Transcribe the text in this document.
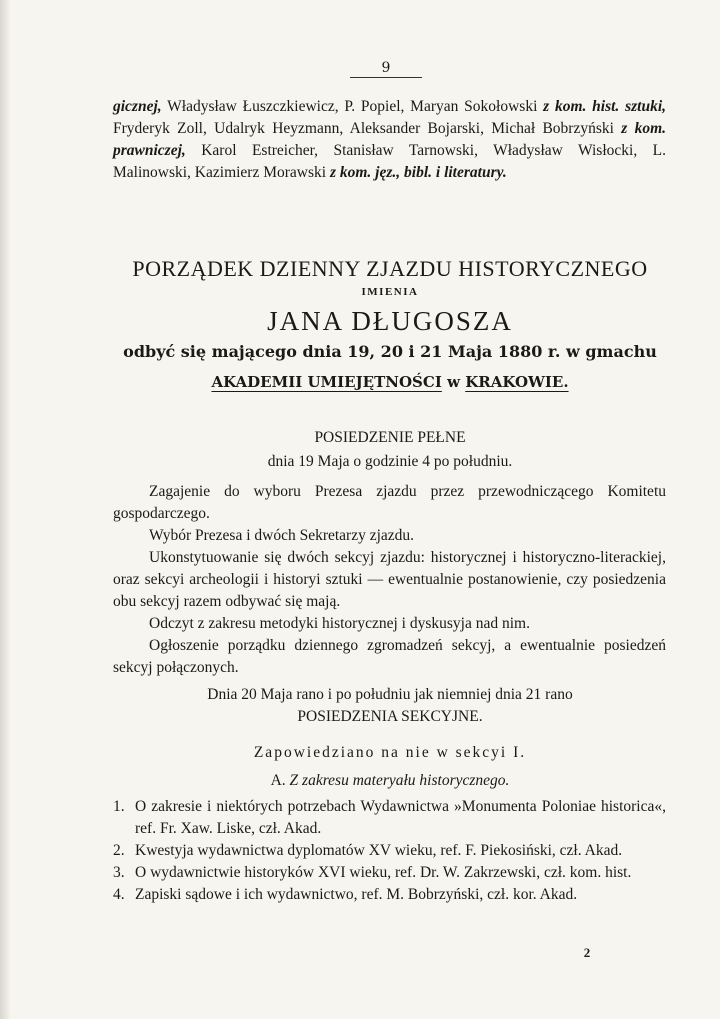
9
gicznej, Władysław Łuszczkiewicz, P. Popiel, Maryan Sokołowski z kom. hist. sztuki, Fryderyk Zoll, Udalryk Heyzmann, Aleksander Bojarski, Michał Bobrzyński z kom. prawniczej, Karol Estreicher, Stanisław Tarnowski, Władysław Wisłocki, L. Malinowski, Kazimierz Morawski z kom. jęz., bibl. i literatury.
PORZĄDEK DZIENNY ZJAZDU HISTORYCZNEGO
IMIENIA
JANA DŁUGOSZA
odbyć się mającego dnia 19, 20 i 21 Maja 1880 r. w gmachu
AKADEMII UMIEJĘTNOŚCI w KRAKOWIE.
POSIEDZENIE PEŁNE
dnia 19 Maja o godzinie 4 po południu.

Zagajenie do wyboru Prezesa zjazdu przez przewodniczącego Komitetu gospodarczego.

Wybór Prezesa i dwóch Sekretarzy zjazdu.

Ukonstytuowanie się dwóch sekcyj zjazdu: historycznej i historyczno-literackiej, oraz sekcyi archeologii i historyi sztuki — ewentualnie postanowienie, czy posiedzenia obu sekcyj razem odbywać się mają.

Odczyt z zakresu metodyki historycznej i dyskusyja nad nim.

Ogłoszenie porządku dziennego zgromadzeń sekcyj, a ewentualnie posiedzeń sekcyj połączonych.

Dnia 20 Maja rano i po południu jak niemniej dnia 21 rano
POSIEDZENIA SEKCYJNE.
Zapowiedziano na nie w sekcyi I.
A. Z zakresu materyału historycznego.
1. O zakresie i niektórych potrzebach Wydawnictwa »Monumenta Poloniae historica«, ref. Fr. Xaw. Liske, czł. Akad.
2. Kwestyja wydawnictwa dyplomatów XV wieku, ref. F. Piekosiński, czł. Akad.
3. O wydawnictwie historyków XVI wieku, ref. Dr. W. Zakrzewski, czł. kom. hist.
4. Zapiski sądowe i ich wydawnictwo, ref. M. Bobrzyński, czł. kor. Akad.
2
